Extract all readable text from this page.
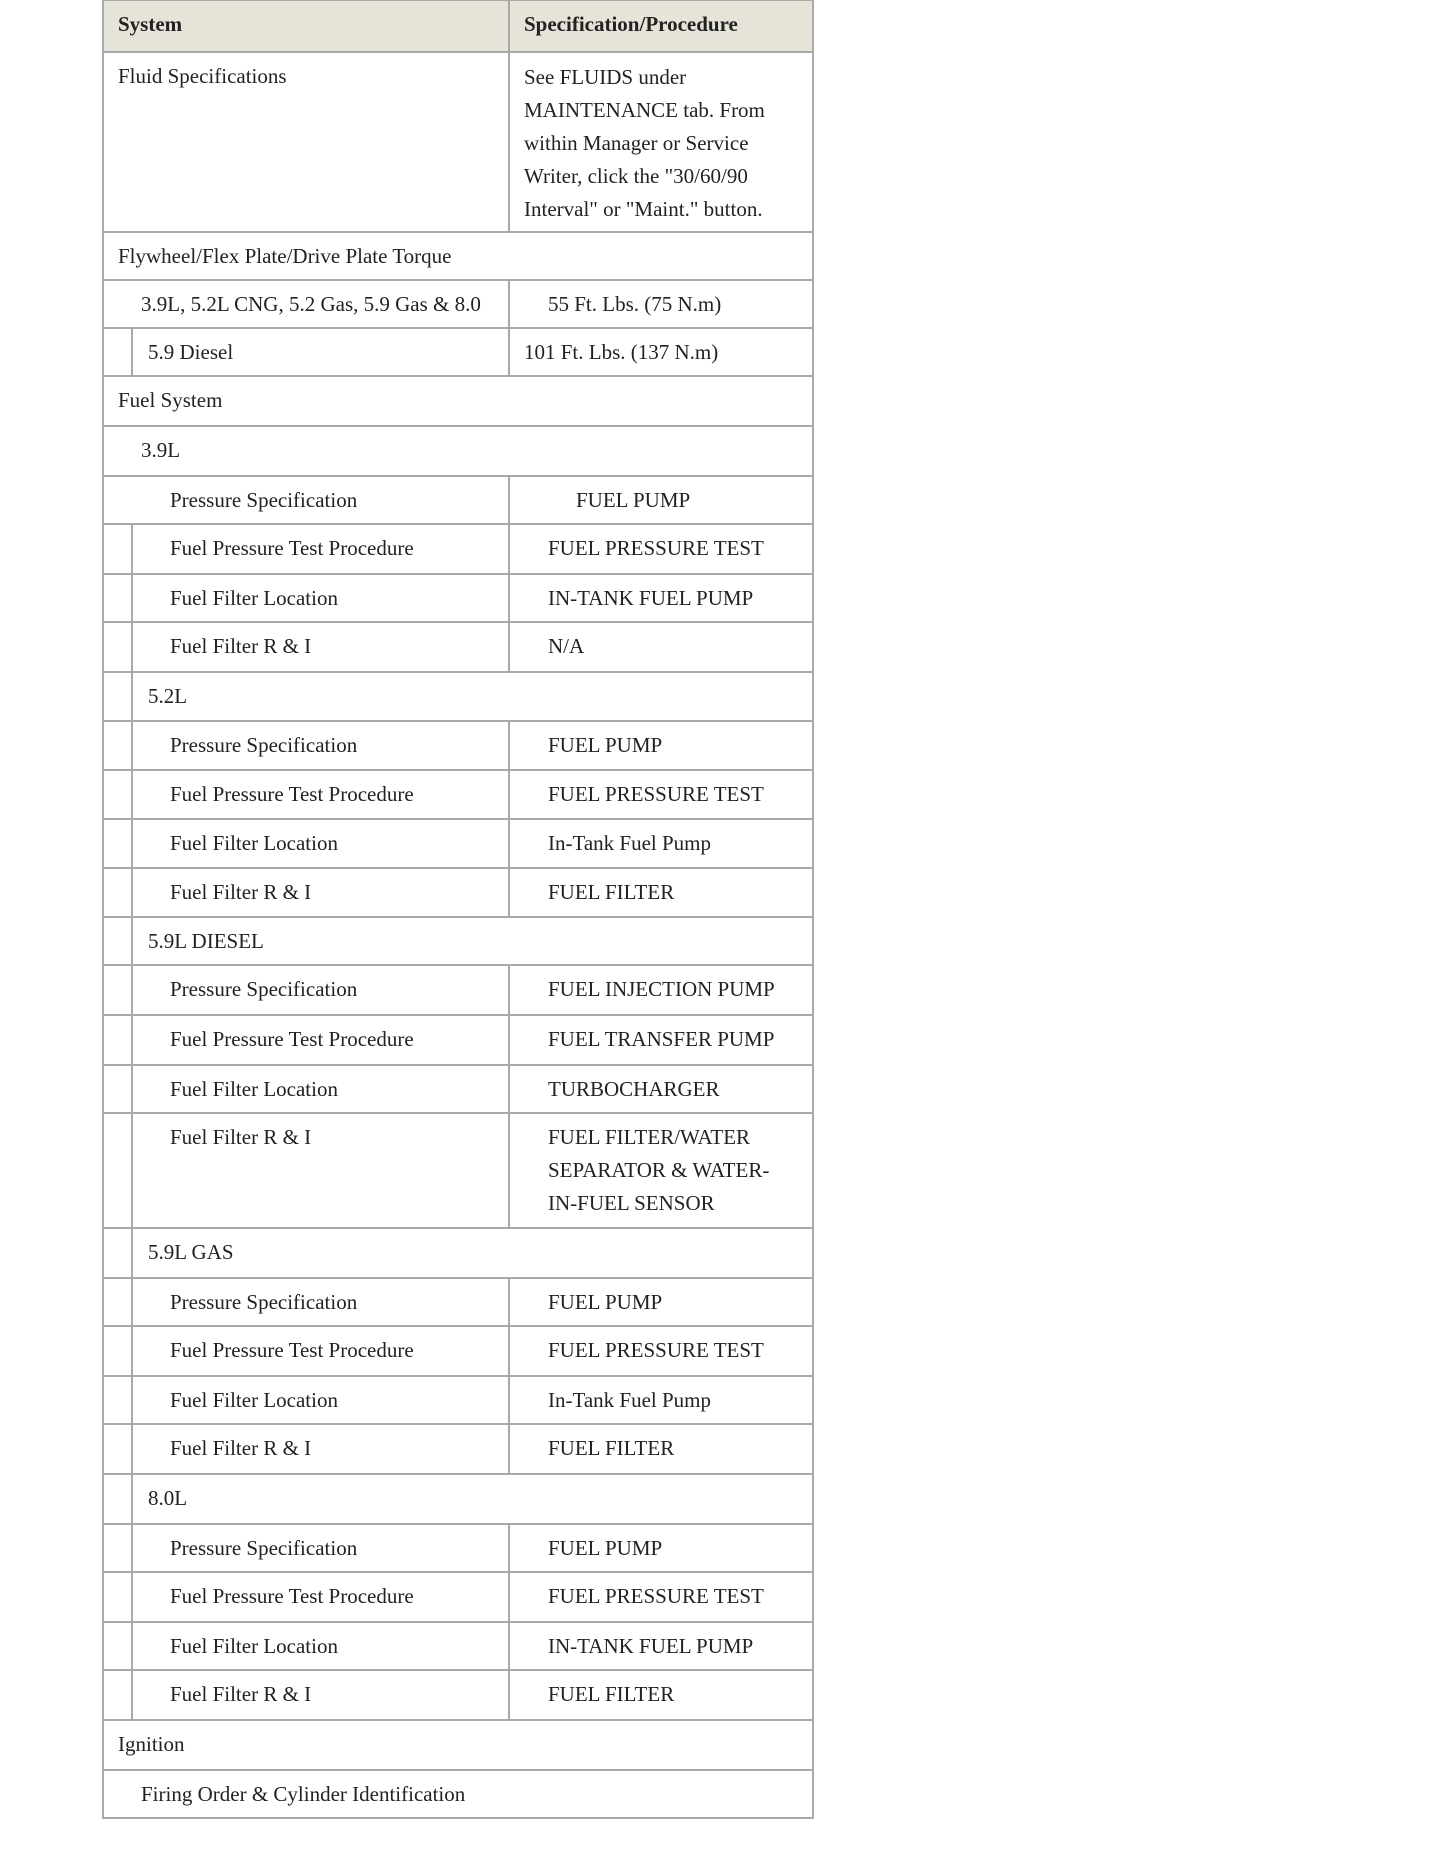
System	Specification/Procedure
Fluid Specifications	See FLUIDS under
MAINTENANCE tab. From
within Manager or Service
Writer, click the "30/60/90
Interval" or "Maint." button.
Flywheel/Flex Plate/Drive Plate Torque
3.9L, 5.2L CNG, 5.2 Gas, 5.9 Gas & 8.0	55 Ft. Lbs. (75 N.m)
5.9 Diesel	101 Ft. Lbs. (137 N.m)
Fuel System
3.9L
Pressure Specification	FUEL PUMP
Fuel Pressure Test Procedure	FUEL PRESSURE TEST
Fuel Filter Location	IN-TANK FUEL PUMP
Fuel Filter R & I	N/A
5.2L
Pressure Specification	FUEL PUMP
Fuel Pressure Test Procedure	FUEL PRESSURE TEST
Fuel Filter Location	In-Tank Fuel Pump
Fuel Filter R & I	FUEL FILTER
5.9L DIESEL
Pressure Specification	FUEL INJECTION PUMP
Fuel Pressure Test Procedure	FUEL TRANSFER PUMP
Fuel Filter Location	TURBOCHARGER
Fuel Filter R & I	FUEL FILTER/WATER
SEPARATOR & WATER-
IN-FUEL SENSOR
5.9L GAS
Pressure Specification	FUEL PUMP
Fuel Pressure Test Procedure	FUEL PRESSURE TEST
Fuel Filter Location	In-Tank Fuel Pump
Fuel Filter R & I	FUEL FILTER
8.0L
Pressure Specification	FUEL PUMP
Fuel Pressure Test Procedure	FUEL PRESSURE TEST
Fuel Filter Location	IN-TANK FUEL PUMP
Fuel Filter R & I	FUEL FILTER
Ignition
Firing Order & Cylinder Identification
